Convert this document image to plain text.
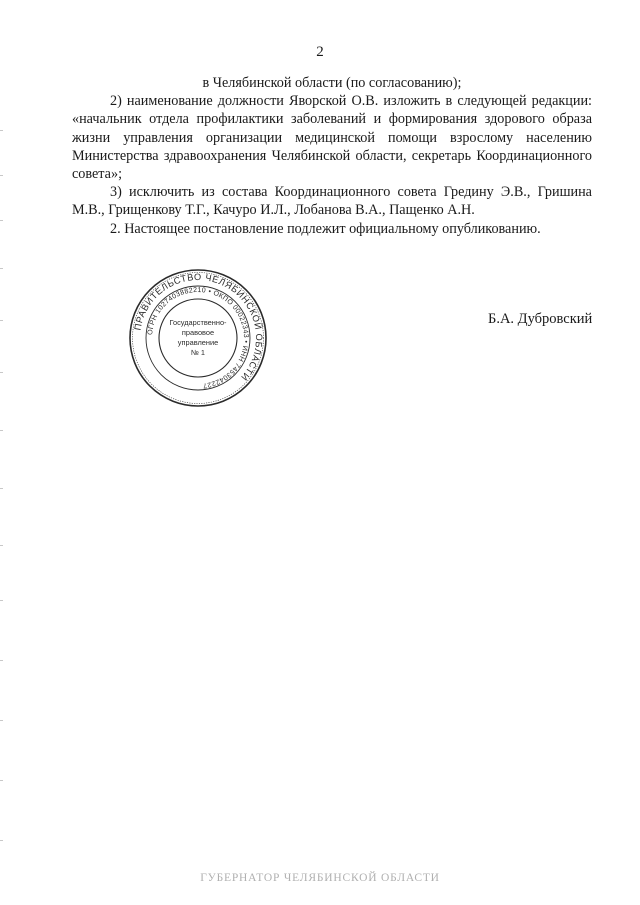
2

в Челябинской области (по согласованию);

2) наименование должности Яворской О.В. изложить в следующей редакции: «начальник отдела профилактики заболеваний и формирования здорового образа жизни управления организации медицинской помощи взрослому населению Министерства здравоохранения Челябинской области, секретарь Координационного совета»;

3) исключить из состава Координационного совета Гредину Э.В., Гришина М.В., Грищенкову Т.Г., Качуро И.Л., Лобанова В.А., Пащенко А.Н.

2. Настоящее постановление подлежит официальному опубликованию.

ПРАВИТЕЛЬСТВО ЧЕЛЯБИНСКОЙ ОБЛАСТИ
ОГРН 1027403882210 • ОКПО 00022343 • ИНН 7453042227
Государственно-
правовое
управление
№ 1
Б.А. Дубровский
ГУБЕРНАТОР ЧЕЛЯБИНСКОЙ ОБЛАСТИ
